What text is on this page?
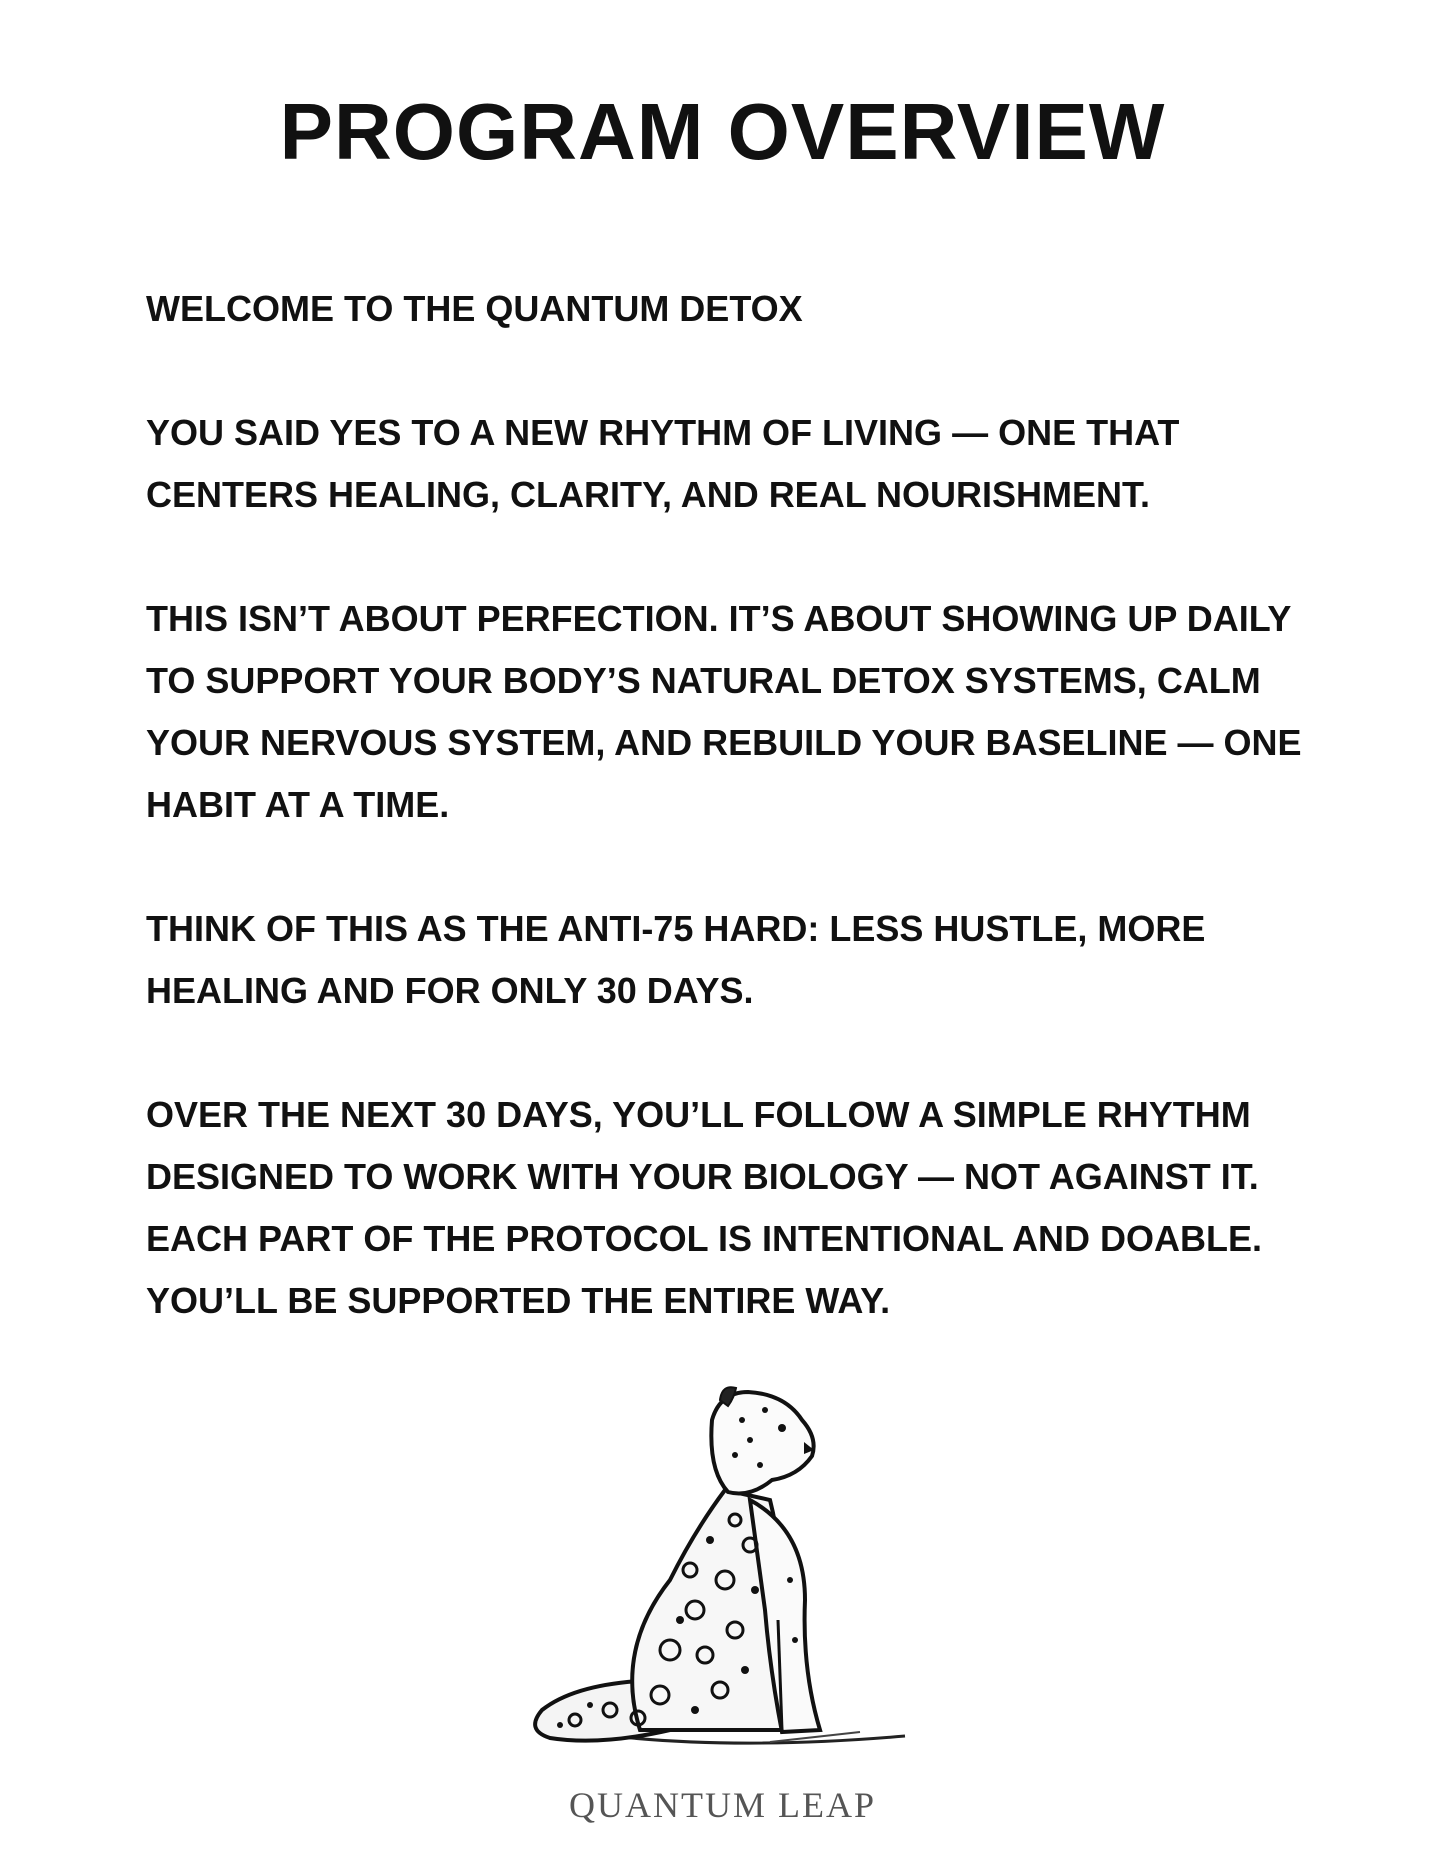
PROGRAM OVERVIEW

WELCOME TO THE QUANTUM DETOX

YOU SAID YES TO A NEW RHYTHM OF LIVING — ONE THAT CENTERS HEALING, CLARITY, AND REAL NOURISHMENT.

THIS ISN’T ABOUT PERFECTION. IT’S ABOUT SHOWING UP DAILY TO SUPPORT YOUR BODY’S NATURAL DETOX SYSTEMS, CALM YOUR NERVOUS SYSTEM, AND REBUILD YOUR BASELINE — ONE HABIT AT A TIME.

THINK OF THIS AS THE ANTI-75 HARD: LESS HUSTLE, MORE HEALING AND FOR ONLY 30 DAYS.

OVER THE NEXT 30 DAYS, YOU’LL FOLLOW A SIMPLE RHYTHM DESIGNED TO WORK WITH YOUR BIOLOGY — NOT AGAINST IT. EACH PART OF THE PROTOCOL IS INTENTIONAL AND DOABLE. YOU’LL BE SUPPORTED THE ENTIRE WAY.

QUANTUM LEAP
